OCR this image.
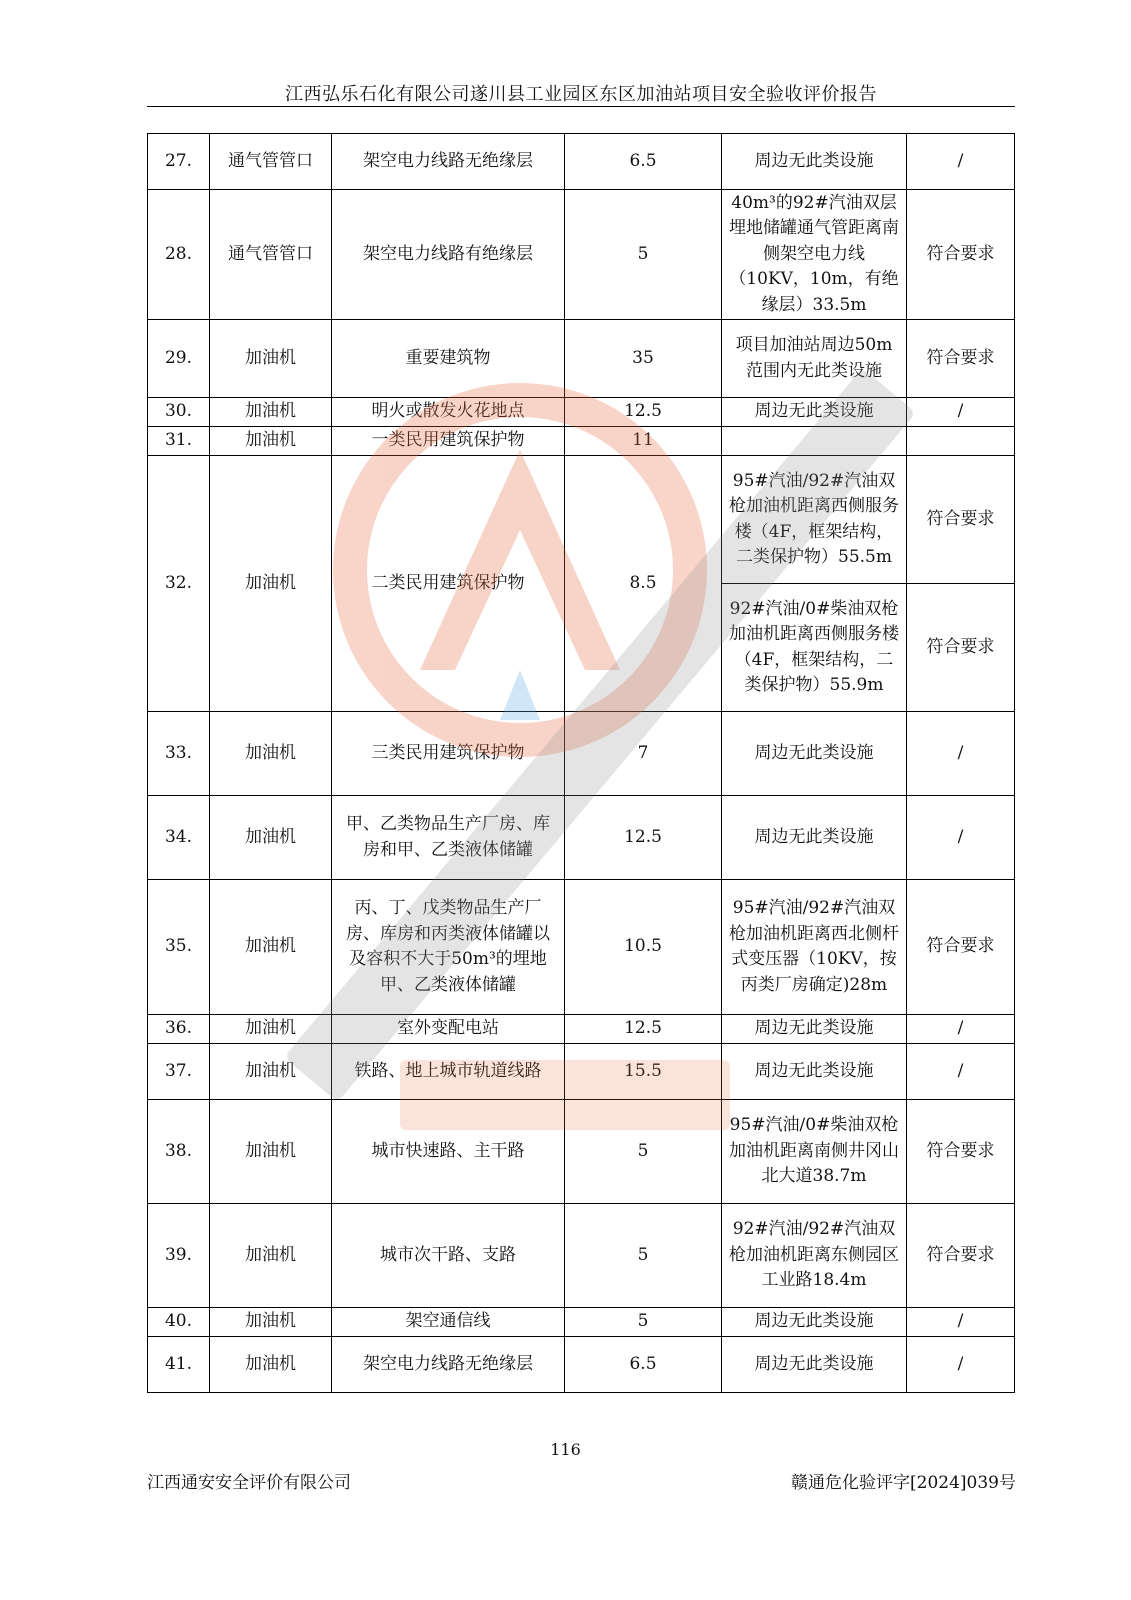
江西弘乐石化有限公司遂川县工业园区东区加油站项目安全验收评价报告
27.	通气管管口	架空电力线路无绝缘层	6.5	周边无此类设施	/
28.	通气管管口	架空电力线路有绝缘层	5	40m³的92#汽油双层埋地储罐通气管距离南侧架空电力线（10KV，10m，有绝缘层）33.5m	符合要求
29.	加油机	重要建筑物	35	项目加油站周边50m范围内无此类设施	符合要求
30.	加油机	明火或散发火花地点	12.5	周边无此类设施	/
31.	加油机	一类民用建筑保护物	11		
32.	加油机	二类民用建筑保护物	8.5	95#汽油/92#汽油双枪加油机距离西侧服务楼（4F，框架结构，二类保护物）55.5m	符合要求
				92#汽油/0#柴油双枪加油机距离西侧服务楼（4F，框架结构，二类保护物）55.9m	符合要求
33.	加油机	三类民用建筑保护物	7	周边无此类设施	/
34.	加油机	甲、乙类物品生产厂房、库房和甲、乙类液体储罐	12.5	周边无此类设施	/
35.	加油机	丙、丁、戊类物品生产厂房、库房和丙类液体储罐以及容积不大于50m³的埋地甲、乙类液体储罐	10.5	95#汽油/92#汽油双枪加油机距离西北侧杆式变压器（10KV，按丙类厂房确定)28m	符合要求
36.	加油机	室外变配电站	12.5	周边无此类设施	/
37.	加油机	铁路、地上城市轨道线路	15.5	周边无此类设施	/
38.	加油机	城市快速路、主干路	5	95#汽油/0#柴油双枪加油机距离南侧井冈山北大道38.7m	符合要求
39.	加油机	城市次干路、支路	5	92#汽油/92#汽油双枪加油机距离东侧园区工业路18.4m	符合要求
40.	加油机	架空通信线	5	周边无此类设施	/
41.	加油机	架空电力线路无绝缘层	6.5	周边无此类设施	/
116
江西通安安全评价有限公司	赣通危化验评字[2024]039号
